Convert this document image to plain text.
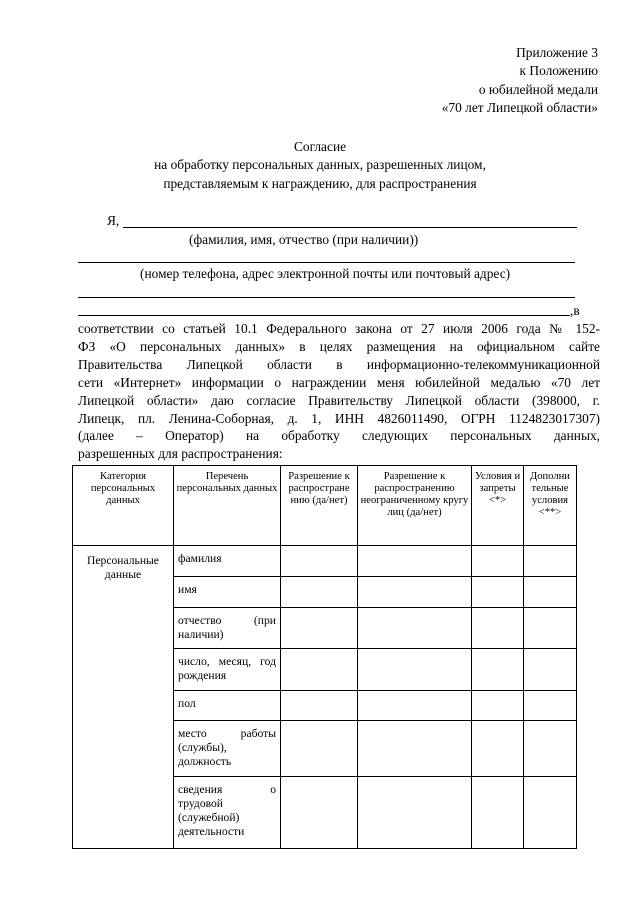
Приложение 3
к Положению
о юбилейной медали
«70 лет Липецкой области»
Согласие
на обработку персональных данных, разрешенных лицом,
представляемым к награждению, для распространения
Я,
(фамилия, имя, отчество (при наличии))
(номер телефона, адрес электронной почты или почтовый адрес)
,в
соответствии со статьей 10.1 Федерального закона от 27 июля 2006 года № 152-
ФЗ «О персональных данных» в целях размещения на официальном сайте
Правительства Липецкой области в информационно-телекоммуникационной
сети «Интернет» информации о награждении меня юбилейной медалью «70 лет
Липецкой области» даю согласие Правительству Липецкой области (398000, г.
Липецк, пл. Ленина-Соборная, д. 1, ИНН 4826011490, ОГРН 1124823017307)
(далее – Оператор) на обработку следующих персональных данных,
разрешенных для распространения:
Категория персональных данных	Перечень персональных данных	Разрешение к распростране нию (да/нет)	Разрешение к распространению неограниченному кругу лиц (да/нет)	Условия и запреты <*>	Дополни тельные условия <**>
Персональные данные	фамилия				
	имя				
	отчество (при наличии)				
	число, месяц, год рождения				
	пол				
	место работы (службы), должность				
	сведения о трудовой (служебной) деятельности				
